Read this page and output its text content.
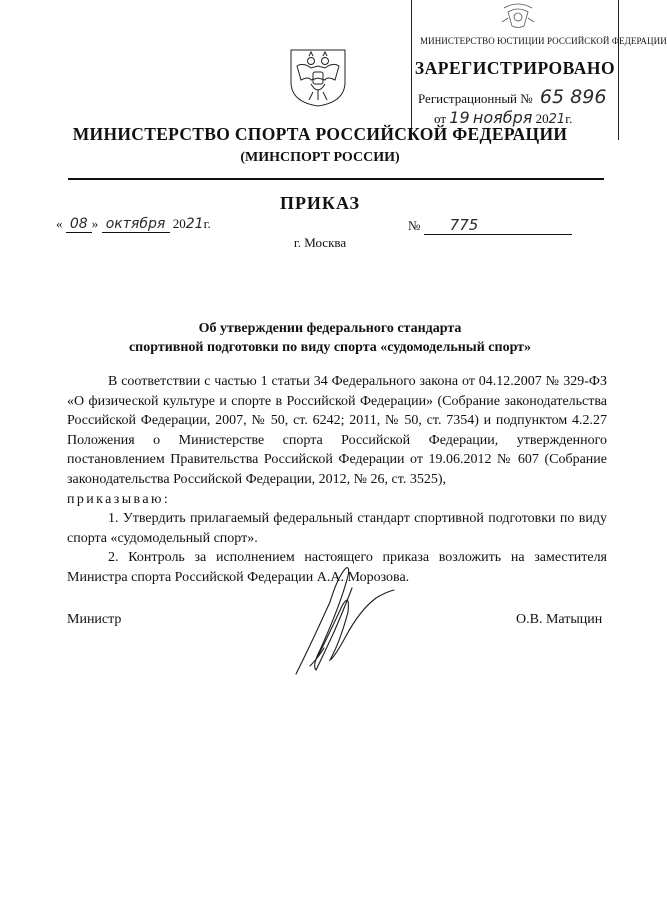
МИНИСТЕРСТВО ЮСТИЦИИ РОССИЙСКОЙ ФЕДЕРАЦИИ
ЗАРЕГИСТРИРОВАНО
Регистрационный № 65 896
от 19 ноября 2021г.
МИНИСТЕРСТВО СПОРТА РОССИЙСКОЙ ФЕДЕРАЦИИ
(МИНСПОРТ РОССИИ)
ПРИКАЗ
« 08 » октября 2021г.	№ 775
г. Москва
Об утверждении федерального стандарта
спортивной подготовки по виду спорта «судомодельный спорт»

В соответствии с частью 1 статьи 34 Федерального закона от 04.12.2007 № 329-ФЗ «О физической культуре и спорте в Российской Федерации» (Собрание законодательства Российской Федерации, 2007, № 50, ст. 6242; 2011, № 50, ст. 7354) и подпунктом 4.2.27 Положения о Министерстве спорта Российской Федерации, утвержденного постановлением Правительства Российской Федерации от 19.06.2012 № 607 (Собрание законодательства Российской Федерации, 2012, № 26, ст. 3525),

приказываю:

1. Утвердить прилагаемый федеральный стандарт спортивной подготовки по виду спорта «судомодельный спорт».

2. Контроль за исполнением настоящего приказа возложить на заместителя Министра спорта Российской Федерации А.А. Морозова.

Министр	О.В. Матыцин
